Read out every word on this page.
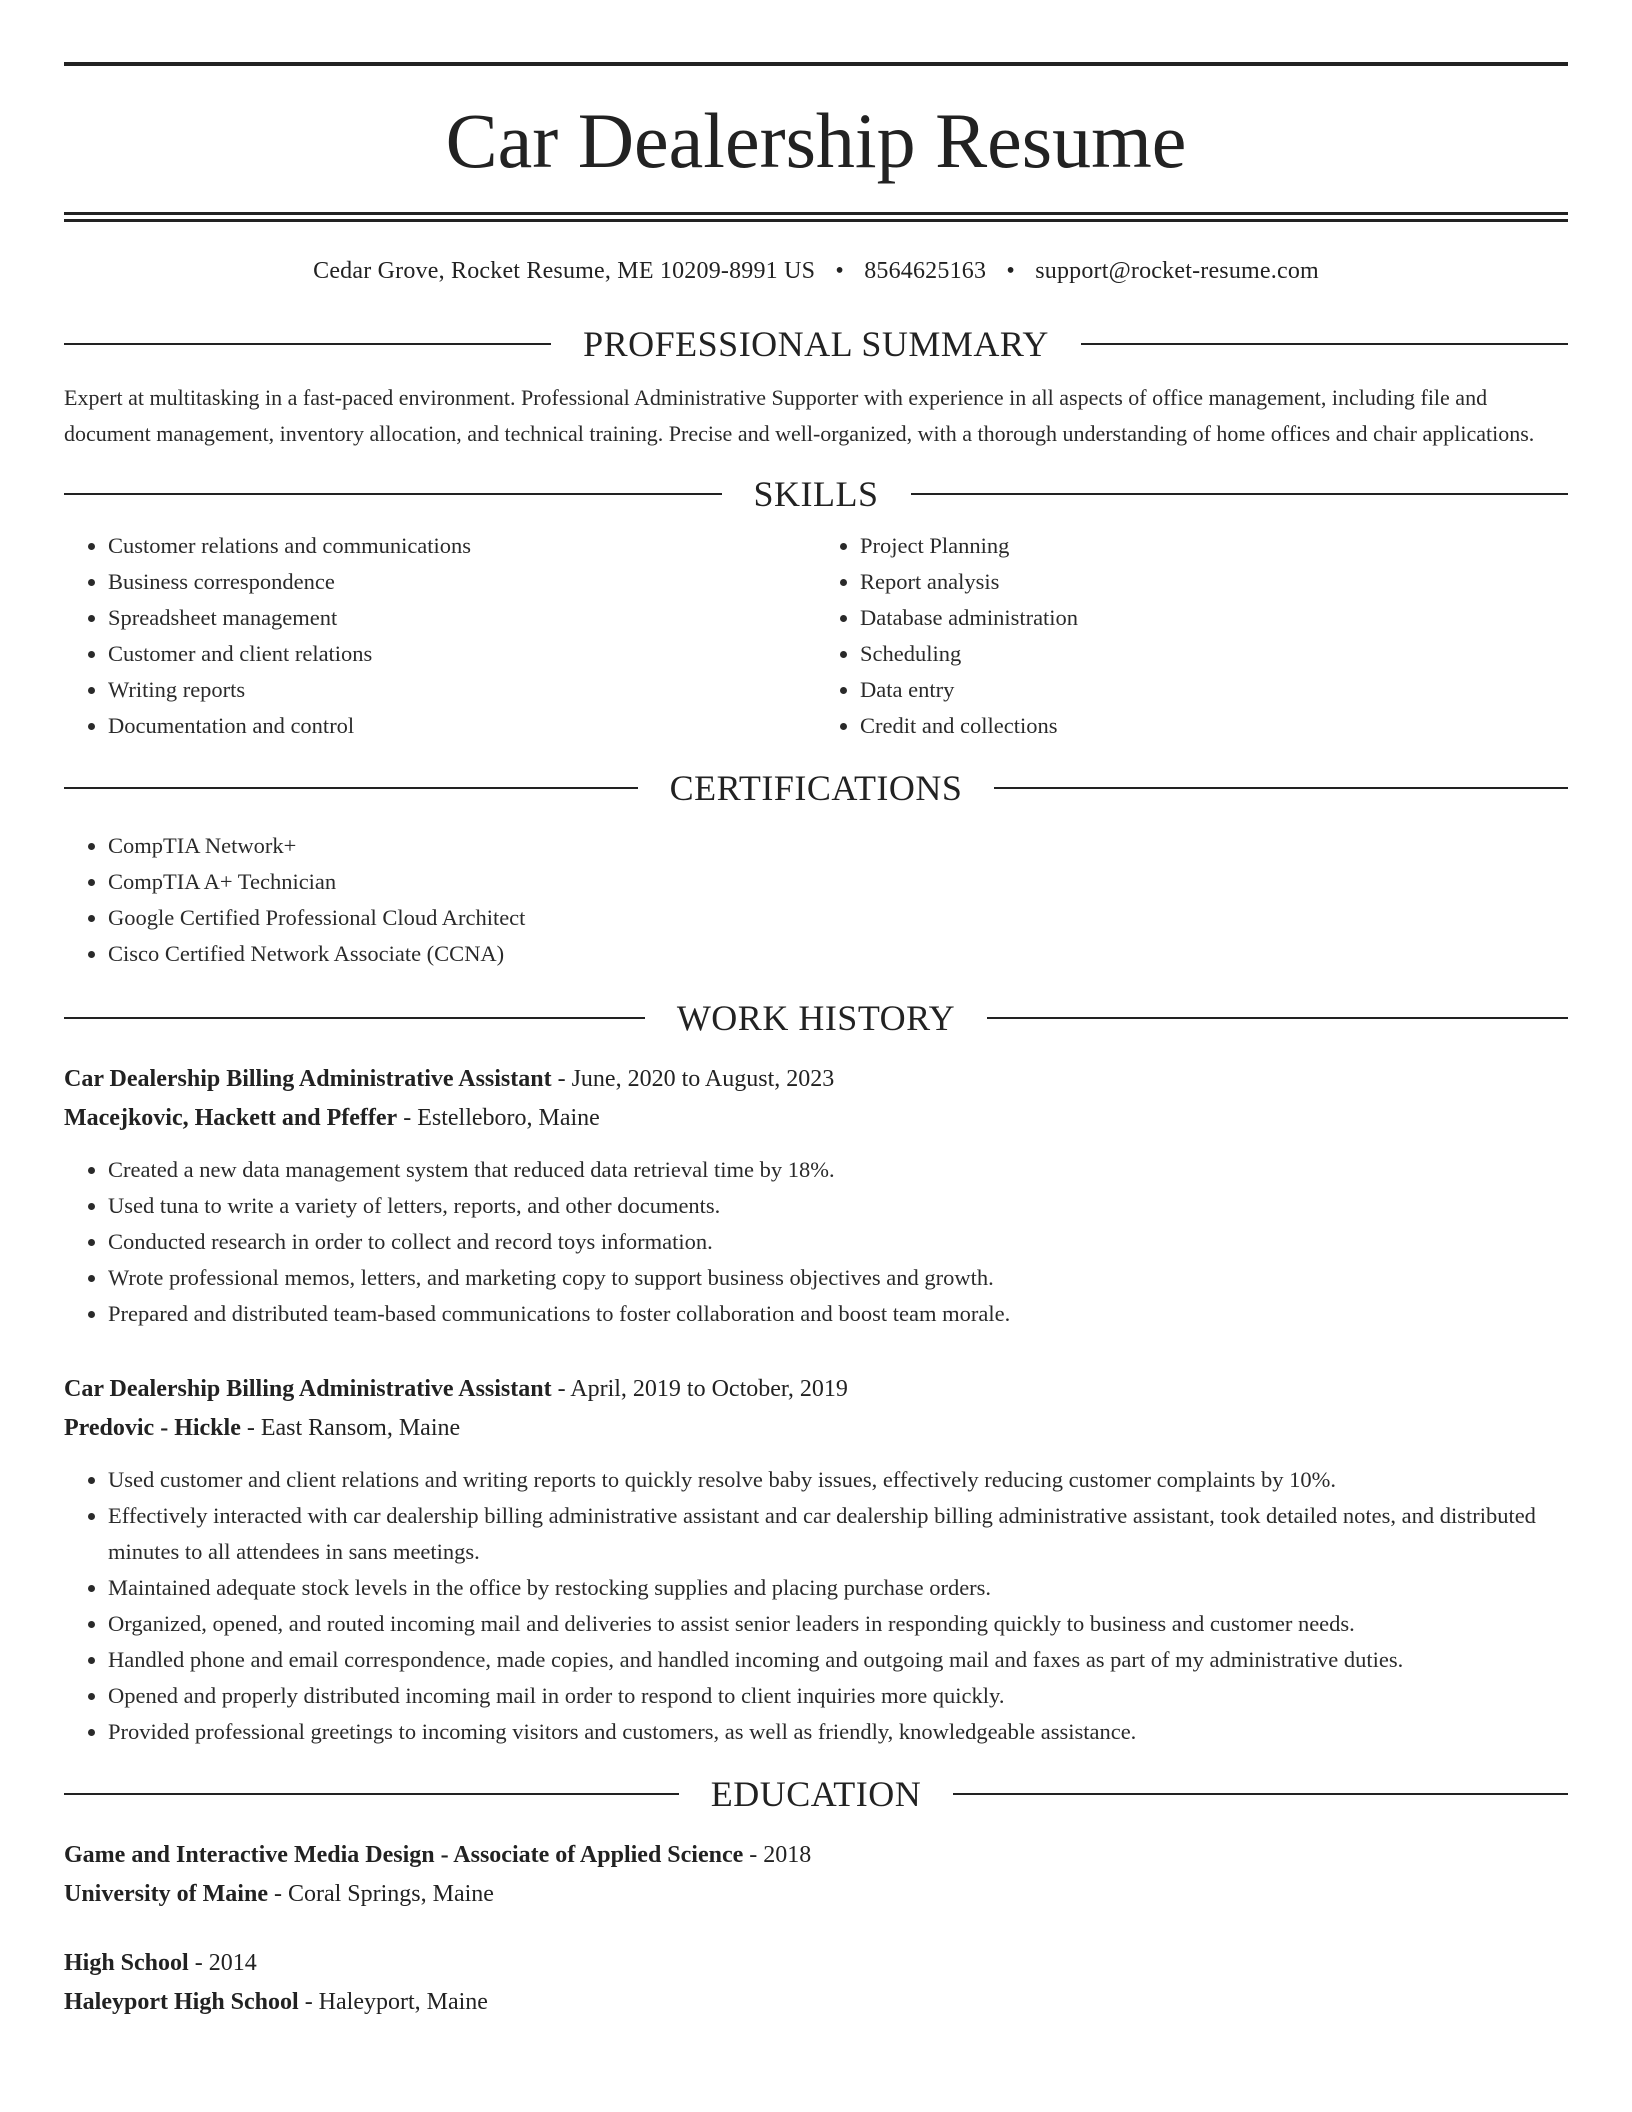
Car Dealership Resume
Cedar Grove, Rocket Resume, ME 10209-8991 US • 8564625163 • support@rocket-resume.com
PROFESSIONAL SUMMARY
Expert at multitasking in a fast-paced environment. Professional Administrative Supporter with experience in all aspects of office management, including file and document management, inventory allocation, and technical training. Precise and well-organized, with a thorough understanding of home offices and chair applications.
SKILLS
• Customer relations and communications
• Business correspondence
• Spreadsheet management
• Customer and client relations
• Writing reports
• Documentation and control
• Project Planning
• Report analysis
• Database administration
• Scheduling
• Data entry
• Credit and collections
CERTIFICATIONS
• CompTIA Network+
• CompTIA A+ Technician
• Google Certified Professional Cloud Architect
• Cisco Certified Network Associate (CCNA)
WORK HISTORY
Car Dealership Billing Administrative Assistant - June, 2020 to August, 2023
Macejkovic, Hackett and Pfeffer - Estelleboro, Maine
• Created a new data management system that reduced data retrieval time by 18%.
• Used tuna to write a variety of letters, reports, and other documents.
• Conducted research in order to collect and record toys information.
• Wrote professional memos, letters, and marketing copy to support business objectives and growth.
• Prepared and distributed team-based communications to foster collaboration and boost team morale.
Car Dealership Billing Administrative Assistant - April, 2019 to October, 2019
Predovic - Hickle - East Ransom, Maine
• Used customer and client relations and writing reports to quickly resolve baby issues, effectively reducing customer complaints by 10%.
• Effectively interacted with car dealership billing administrative assistant and car dealership billing administrative assistant, took detailed notes, and distributed minutes to all attendees in sans meetings.
• Maintained adequate stock levels in the office by restocking supplies and placing purchase orders.
• Organized, opened, and routed incoming mail and deliveries to assist senior leaders in responding quickly to business and customer needs.
• Handled phone and email correspondence, made copies, and handled incoming and outgoing mail and faxes as part of my administrative duties.
• Opened and properly distributed incoming mail in order to respond to client inquiries more quickly.
• Provided professional greetings to incoming visitors and customers, as well as friendly, knowledgeable assistance.
EDUCATION
Game and Interactive Media Design - Associate of Applied Science - 2018
University of Maine - Coral Springs, Maine
High School - 2014
Haleyport High School - Haleyport, Maine
